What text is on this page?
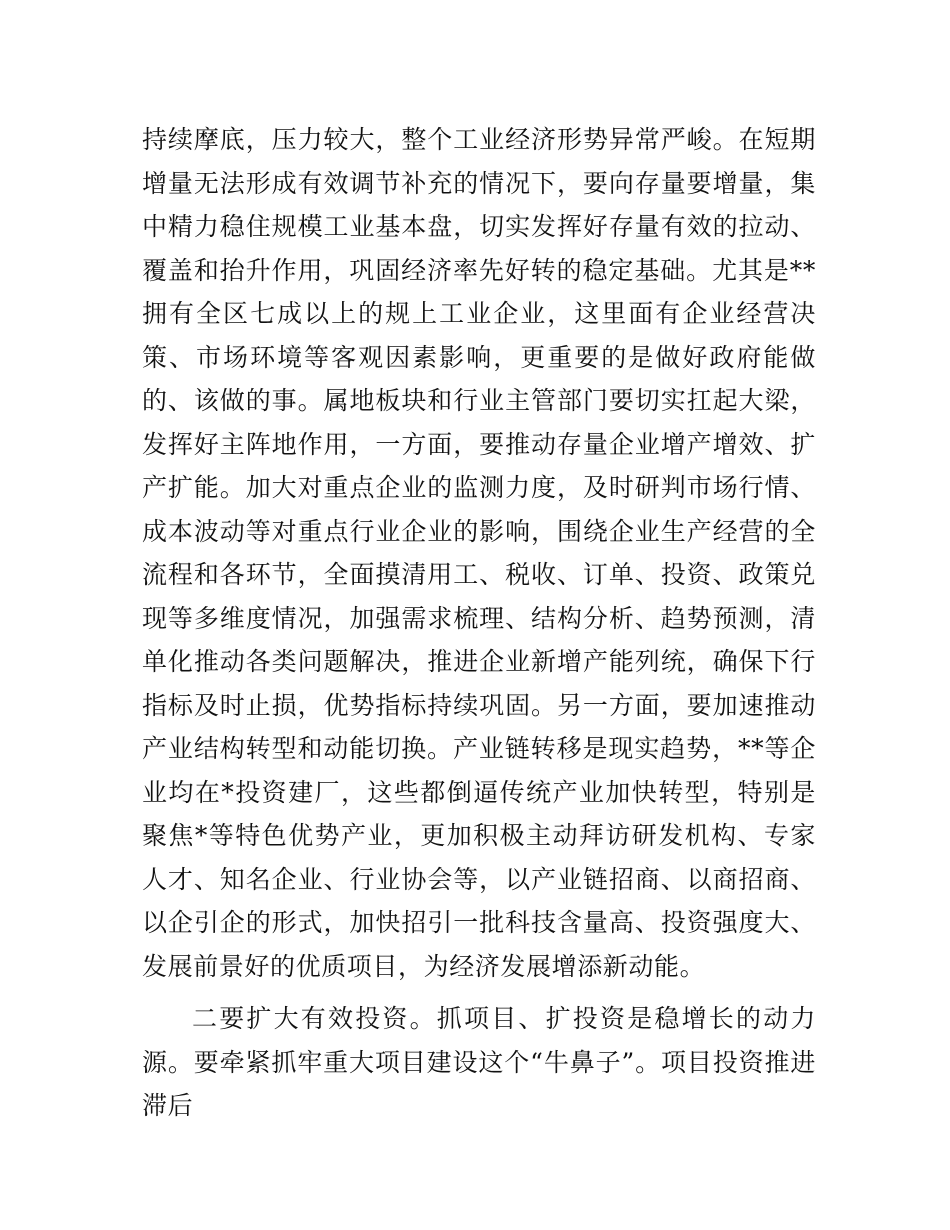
持续摩底，压力较大，整个工业经济形势异常严峻。在短期增量无法形成有效调节补充的情况下，要向存量要增量，集中精力稳住规模工业基本盘，切实发挥好存量有效的拉动、覆盖和抬升作用，巩固经济率先好转的稳定基础。尤其是**拥有全区七成以上的规上工业企业，这里面有企业经营决策、市场环境等客观因素影响，更重要的是做好政府能做的、该做的事。属地板块和行业主管部门要切实扛起大梁，发挥好主阵地作用，一方面，要推动存量企业增产增效、扩产扩能。加大对重点企业的监测力度，及时研判市场行情、成本波动等对重点行业企业的影响，围绕企业生产经营的全流程和各环节，全面摸清用工、税收、订单、投资、政策兑现等多维度情况，加强需求梳理、结构分析、趋势预测，清单化推动各类问题解决，推进企业新增产能列统，确保下行指标及时止损，优势指标持续巩固。另一方面，要加速推动产业结构转型和动能切换。产业链转移是现实趋势，**等企业均在*投资建厂，这些都倒逼传统产业加快转型，特别是聚焦*等特色优势产业，更加积极主动拜访研发机构、专家人才、知名企业、行业协会等，以产业链招商、以商招商、以企引企的形式，加快招引一批科技含量高、投资强度大、发展前景好的优质项目，为经济发展增添新动能。

二要扩大有效投资。抓项目、扩投资是稳增长的动力源。要牵紧抓牢重大项目建设这个“牛鼻子”。项目投资推进滞后
